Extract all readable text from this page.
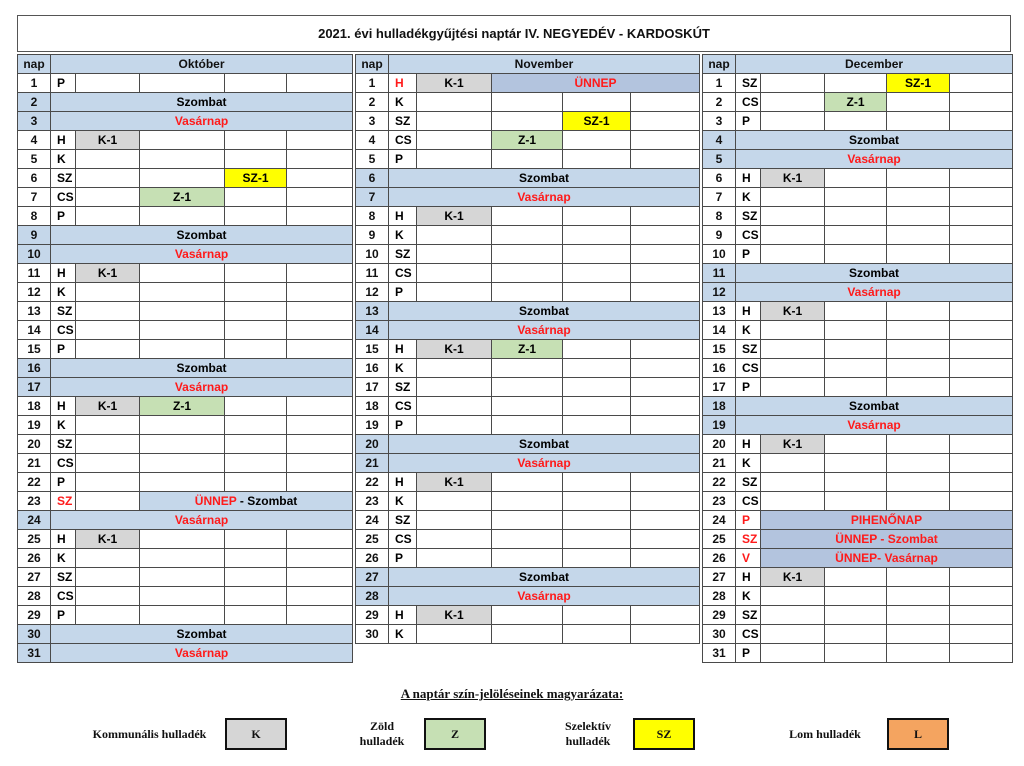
2021. évi hulladékgyűjtési naptár IV. NEGYEDÉV - KARDOSKÚT
nap	Október				
1	P				
2	Szombat				
3	Vasárnap				
4	H	K-1			
5	K				
6	SZ			SZ-1	
7	CS		Z-1		
8	P				
9	Szombat				
10	Vasárnap				
11	H	K-1			
12	K				
13	SZ				
14	CS				
15	P				
16	Szombat				
17	Vasárnap				
18	H	K-1	Z-1		
19	K				
20	SZ				
21	CS				
22	P				
23	SZ		ÜNNEP - Szombat		
24	Vasárnap				
25	H	K-1			
26	K				
27	SZ				
28	CS				
29	P				
30	Szombat				
31	Vasárnap				
nap	November				
1	H	K-1	ÜNNEP		
2	K				
3	SZ			SZ-1	
4	CS		Z-1		
5	P				
6	Szombat				
7	Vasárnap				
8	H	K-1			
9	K				
10	SZ				
11	CS				
12	P				
13	Szombat				
14	Vasárnap				
15	H	K-1	Z-1		
16	K				
17	SZ				
18	CS				
19	P				
20	Szombat				
21	Vasárnap				
22	H	K-1			
23	K				
24	SZ				
25	CS				
26	P				
27	Szombat				
28	Vasárnap				
29	H	K-1			
30	K				
nap	December				
1	SZ			SZ-1	
2	CS		Z-1		
3	P				
4	Szombat				
5	Vasárnap				
6	H	K-1			
7	K				
8	SZ				
9	CS				
10	P				
11	Szombat				
12	Vasárnap				
13	H	K-1			
14	K				
15	SZ				
16	CS				
17	P				
18	Szombat				
19	Vasárnap				
20	H	K-1			
21	K				
22	SZ				
23	CS				
24	P	PIHENŐNAP			
25	SZ	ÜNNEP - Szombat			
26	V	ÜNNEP- Vasárnap			
27	H	K-1			
28	K				
29	SZ				
30	CS				
31	P				
A naptár szín-jelöléseinek magyarázata:
Kommunális hulladék	K
Zöld hulladék
Z
Szelektív hulladék
SZ	Lom hulladék	L
